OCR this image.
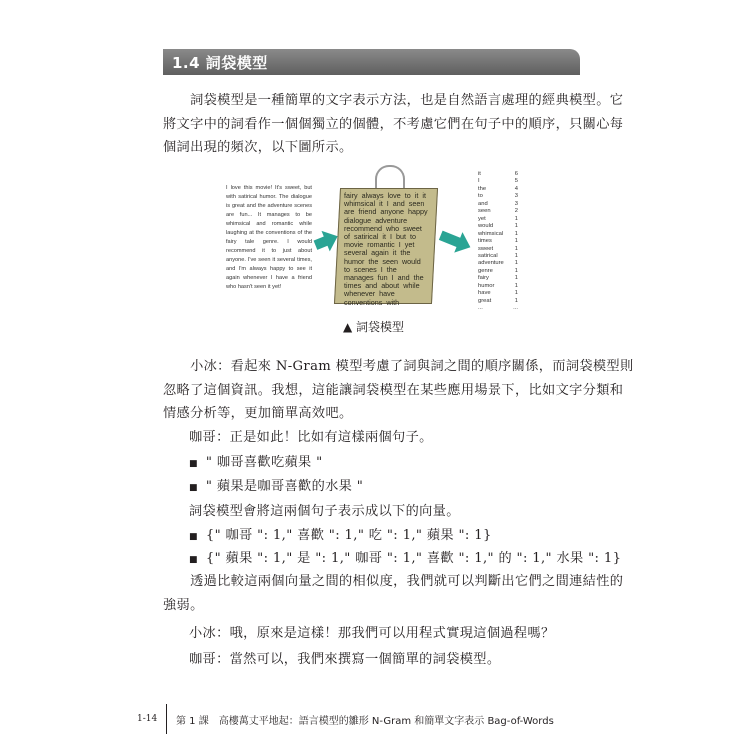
1.4 詞袋模型
　　詞袋模型是一種簡單的文字表示方法，也是自然語言處理的經典模型。它
將文字中的詞看作一個個獨立的個體，不考慮它們在句子中的順序，只關心每
個詞出現的頻次，以下圖所示。
I love this movie! It's sweet, but with satirical humor. The dialogue is great and the adventure scenes are fun... It manages to be whimsical and romantic while laughing at the conventions of the fairy tale genre. I would recommend it to just about anyone. I've seen it several times, and I'm always happy to see it again whenever I have a friend who hasn't seen it yet!
fairy always love to it it
whimsical it I and seen
are friend anyone happy
dialogue adventure
recommend who sweet
of satirical it I but to
movie romantic I yet
several again it the
humor the seen would
to scenes I the
manages fun I and the
times and about while
whenever have
conventions with
it	6
I	5
the	4
to	3
and	3
seen	2
yet	1
would	1
whimsical 1
times	1
sweet	1
satirical	1
adventure 1
genre	1
fairy	1
humor	1
have	1
great	1
...	...
▲ 詞袋模型
　　小冰：看起來 N-Gram 模型考慮了詞與詞之間的順序關係，而詞袋模型則
忽略了這個資訊。我想，這能讓詞袋模型在某些應用場景下，比如文字分類和
情感分析等，更加簡單高效吧。
咖哥：正是如此！比如有這樣兩個句子。
■ " 咖哥喜歡吃蘋果 "
■ " 蘋果是咖哥喜歡的水果 "
詞袋模型會將這兩個句子表示成以下的向量。
■ {" 咖哥 ": 1," 喜歡 ": 1," 吃 ": 1," 蘋果 ": 1}
■ {" 蘋果 ": 1," 是 ": 1," 咖哥 ": 1," 喜歡 ": 1," 的 ": 1," 水果 ": 1}
　　透過比較這兩個向量之間的相似度，我們就可以判斷出它們之間連結性的
強弱。
小冰：哦，原來是這樣！那我們可以用程式實現這個過程嗎？
咖哥：當然可以，我們來撰寫一個簡單的詞袋模型。
1-14 第 1 課　高樓萬丈平地起：語言模型的雛形 N-Gram 和簡單文字表示 Bag-of-Words
